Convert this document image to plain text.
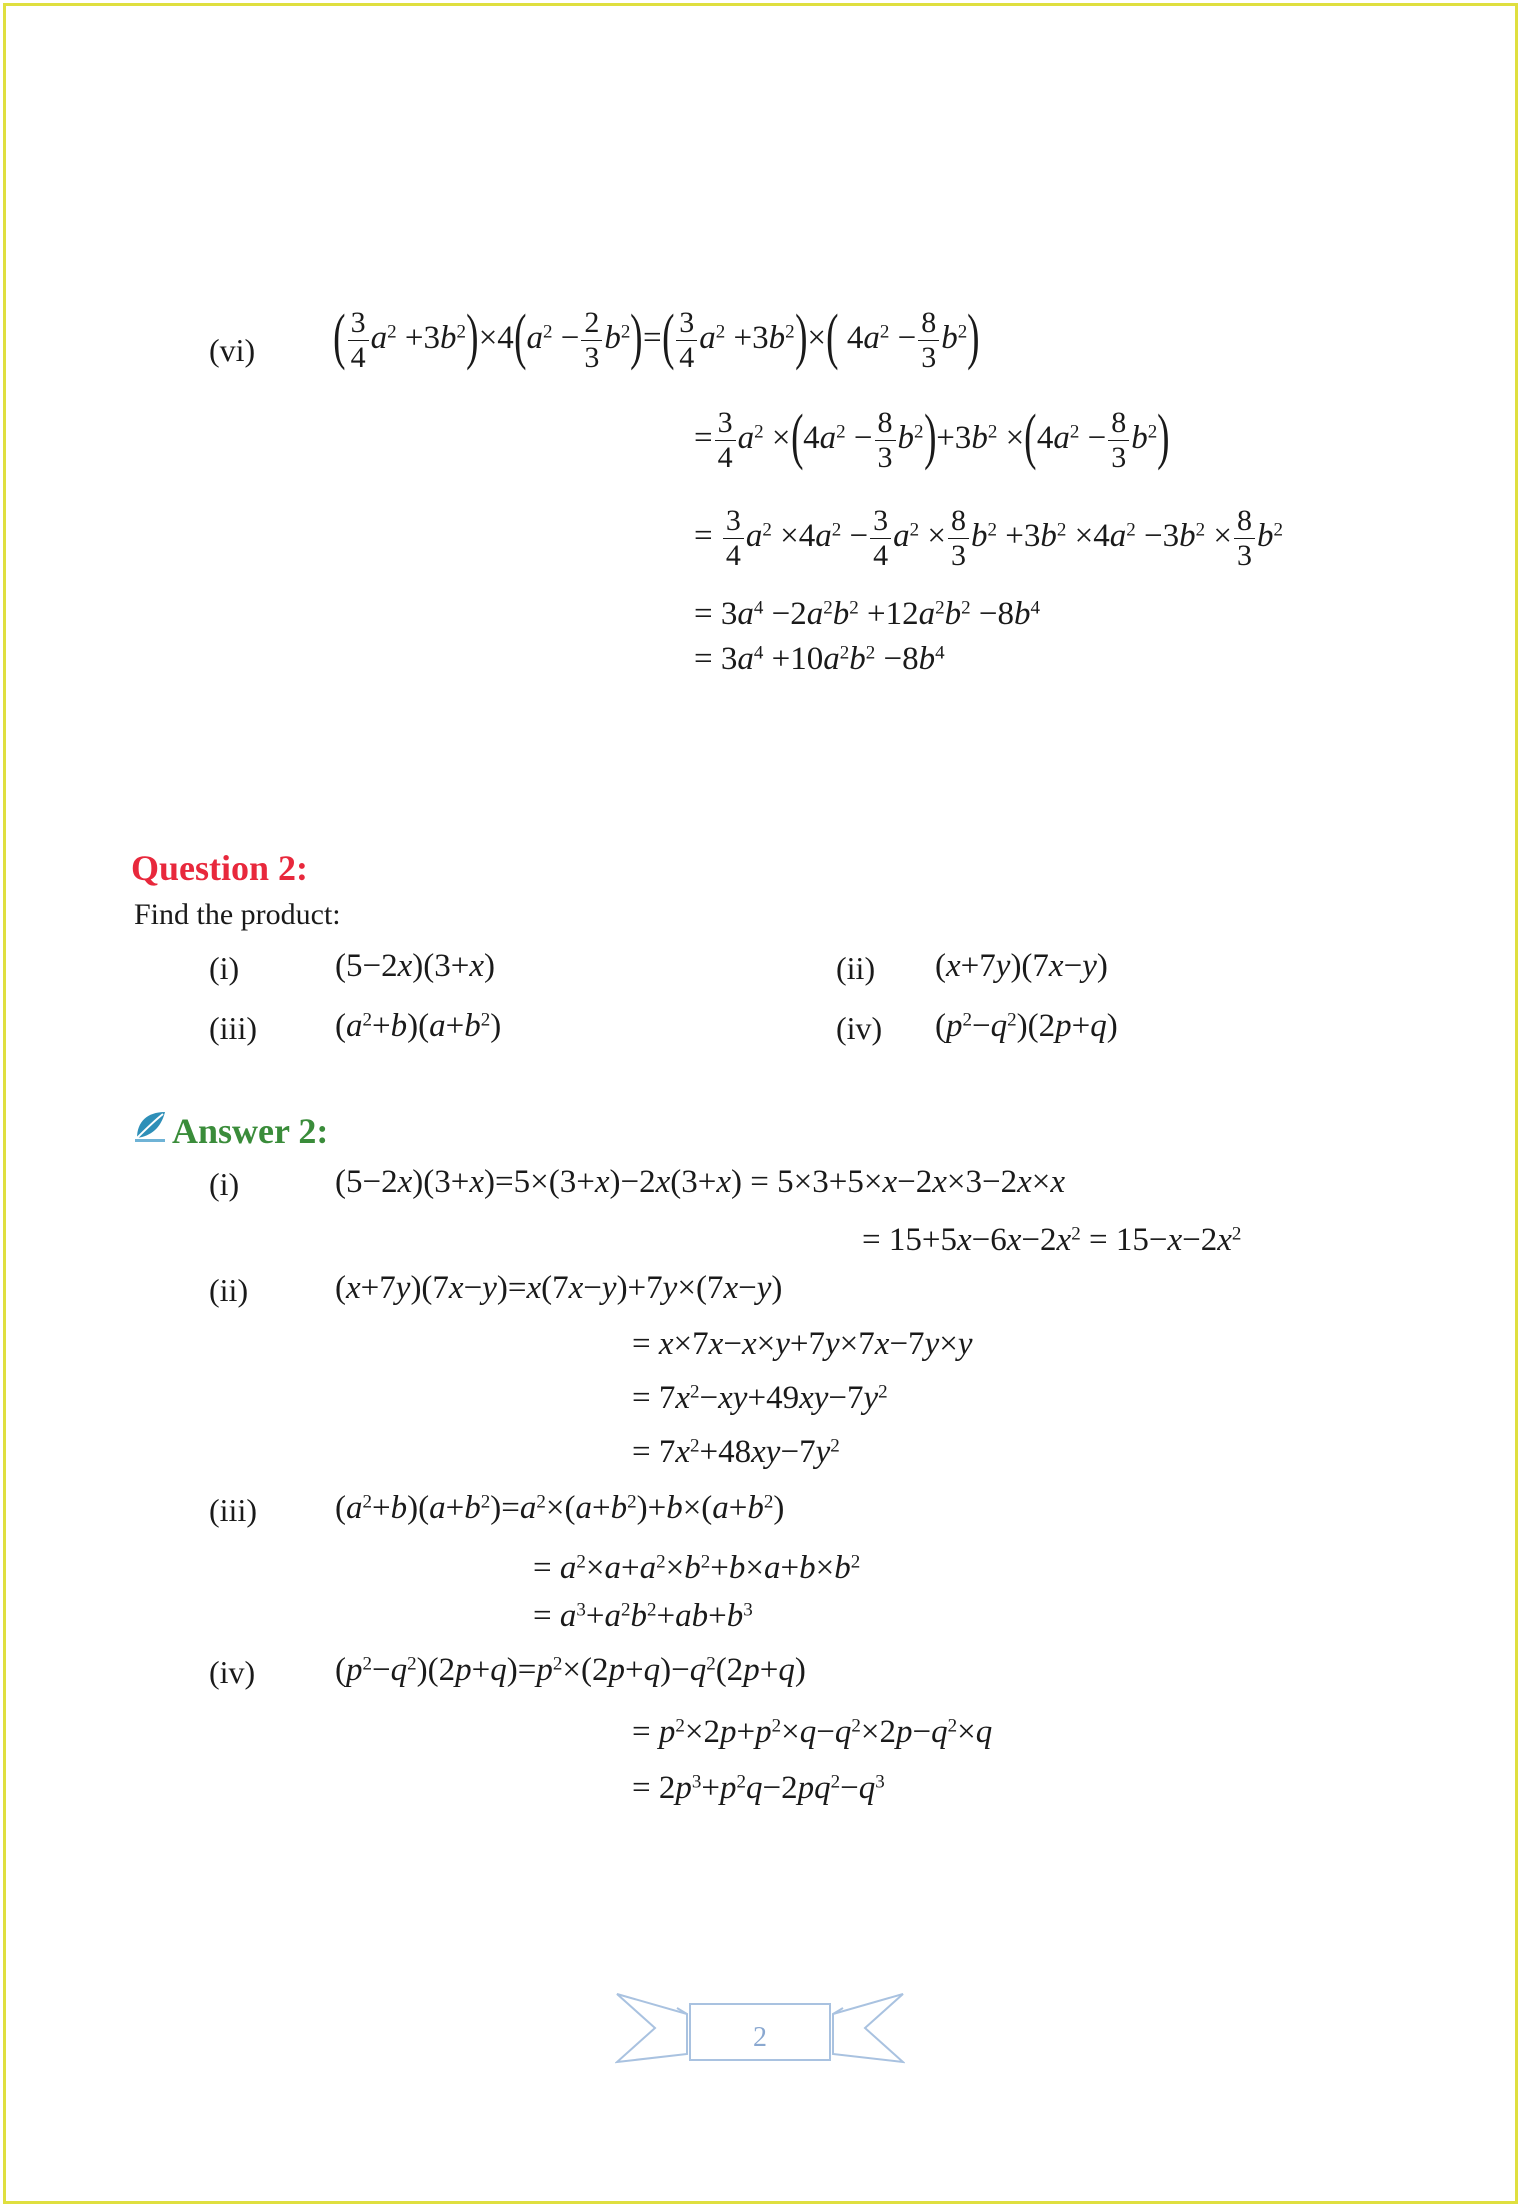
(vi) ( $\frac{3}{4} a^2 +3b^2)\times 4(a^2 - \frac{2}{3} b^2)=( \frac{3}{4} a^2 +3b^2)\times$( $4a^2 - \frac{8}{3} b^2$)
= $\frac{3}{4} a^2 \times(4a^2 - \frac{8}{3} b^2)+3b^2 \times(4a^2 - \frac{8}{3} b^2)$
= $\frac{3}{4} a^2 \times 4a^2 - \frac{3}{4} a^2 \times \frac{8}{3} b^2 +3b^2 \times 4a^2 -3b^2 \times \frac{8}{3} b^2$
= $3a^4 -2a^2b^2 +12a^2b^2 -8b^4$
= $3a^4 +10a^2b^2 -8b^4$
Question 2:
Find the product:
(i)	(5−2x)(3+x)	(ii) (x+7y)(7x−y)
(iii) $(a^2+b)(a+b^2)$	(iv) $(p^2-q^2)(2p+q)$
Answer 2:
(i)	(5−2x)(3+x)=5×(3+x)−2x(3+x) = 5×3+5×x−2x×3−2x×x
= $15+5x-6x-2x^2 = 15-x-2x^2$
(ii)	(x+7y)(7x−y)=x(7x−y)+7y×(7x−y)
= x×7x−x×y+7y×7x−7y×y
= $7x^2-xy+49xy-7y^2$
= $7x^2+48xy-7y^2$
(iii) $(a^2+b)(a+b^2)=a^2\times(a+b^2)+b\times(a+b^2)$
= $a^2\times a+a^2\times b^2+b\times a+b\times b^2$
= $a^3+a^2b^2+ab+b^3$
(iv) $(p^2-q^2)(2p+q)=p^2\times(2p+q)-q^2(2p+q)$
= $p^2\times 2p+p^2\times q-q^2\times 2p-q^2\times q$
= $2p^3+p^2q-2pq^2-q^3$
2
